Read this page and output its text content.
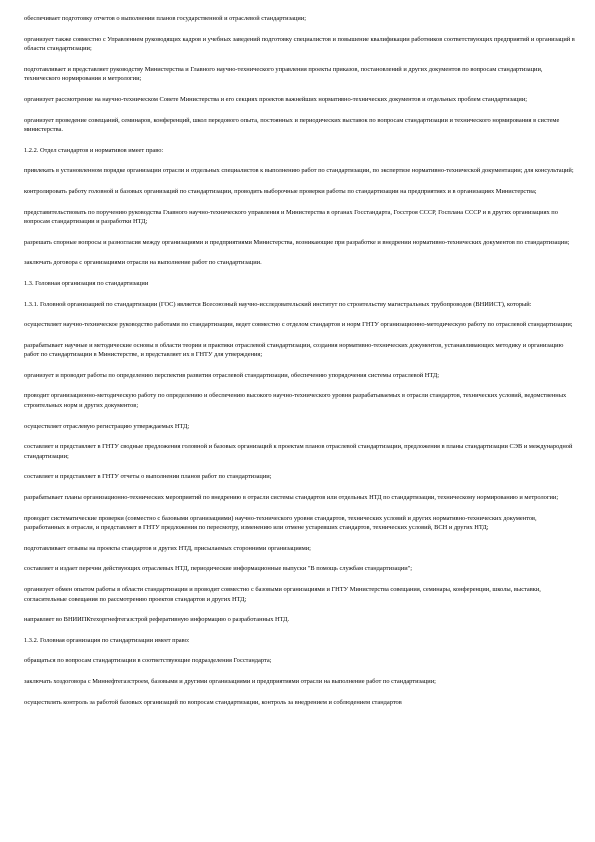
обеспечивает подготовку отчетов о выполнении планов государственной и отраслевой стандартизации;

организует также совместно с Управлением руководящих кадров и учебных заведений подготовку специалистов и повышение квалификации работников соответствующих предприятий и организаций в области стандартизации;

подготавливает и представляет руководству Министерства и Главного научно-технического управления проекты приказов, постановлений и других документов по вопросам стандартизации, технического нормирования и метрологии;

организует рассмотрение на научно-техническом Совете Министерства и его секциях проектов важнейших нормативно-технических документов и отдельных проблем стандартизации;

организует проведение совещаний, семинаров, конференций, школ передового опыта, постоянных и периодических выставок по вопросам стандартизации и технического нормирования в системе министерства.

1.2.2. Отдел стандартов и нормативов имеет право:

привлекать в установленном порядке организации отрасли и отдельных специалистов к выполнению работ по стандартизации, по экспертизе нормативно-технической документации; для консультаций;

контролировать работу головной и базовых организаций по стандартизации, проводить выборочные проверки работы по стандартизации на предприятиях и в организациях Министерства;

представительствовать по поручению руководства Главного научно-технического управления и Министерства в органах Госстандарта, Госстроя СССР, Госплана СССР и в других организациях по вопросам стандартизации и разработки НТД;

разрешать спорные вопросы и разногласия между организациями и предприятиями Министерства, возникающие при разработке и внедрении нормативно-технических документов по стандартизации;

заключать договора с организациями отрасли на выполнение работ по стандартизации.

1.3. Головная организация по стандартизации

1.3.1. Головной организацией по стандартизации (ГОС) является Всесоюзный научно-исследовательский институт по строительству магистральных трубопроводов (ВНИИСТ), который:

осуществляет научно-техническое руководство работами по стандартизации, ведет совместно с отделом стандартов и норм ГНТУ организационно-методическую работу по отраслевой стандартизации;

разрабатывает научные и методические основы в области теории и практики отраслевой стандартизации, создания нормативно-технических документов, устанавливающих методику и организацию работ по стандартизации в Министерстве, и представляет их в ГНТУ для утверждения;

организует и проводит работы по определению перспектив развития отраслевой стандартизации, обеспечению упорядочения системы отраслевой НТД;

проводит организационно-методическую работу по определению и обеспечению высокого научно-технического уровня разрабатываемых в отрасли стандартов, технических условий, ведомственных строительных норм и других документов;

осуществляет отраслевую регистрацию утверждаемых НТД;

составляет и представляет в ГНТУ сводные предложения головной и базовых организаций к проектам планов отраслевой стандартизации, предложения в планы стандартизации СЭВ и международной стандартизации;

составляет и представляет в ГНТУ отчеты о выполнении планов работ по стандартизации;

разрабатывает планы организационно-технических мероприятий по внедрению в отрасли системы стандартов или отдельных НТД по стандартизации, техническому нормированию и метрологии;

проводит систематические проверки (совместно с базовыми организациями) научно-технического уровня стандартов, технических условий и других нормативно-технических документов, разработанных в отрасли, и представляет в ГНТУ предложения по пересмотру, изменению или отмене устаревших стандартов, технических условий, ВСН и других НТД;

подготавливает отзывы на проекты стандартов и других НТД, присылаемых сторонними организациями;

составляет и издает перечни действующих отраслевых НТД, периодические информационные выпуски "В помощь службам стандартизации";

организует обмен опытом работы в области стандартизации и проводит совместно с базовыми организациями и ГНТУ Министерства совещания, семинары, конференции, школы, выставки, согласительные совещания по рассмотрению проектов стандартов и других НТД;

направляет во ВНИИПКтехоргнефтегазстрой реферативную информацию о разработанных НТД.

1.3.2. Головная организация по стандартизации имеет право:

обращаться по вопросам стандартизации в соответствующие подразделения Госстандарта;

заключать хоздоговора с Миннефтегазстроем, базовыми и другими организациями и предприятиями отрасли на выполнение работ по стандартизации;

осуществлять контроль за работой базовых организаций по вопросам стандартизации, контроль за внедрением и соблюдением стандартов
